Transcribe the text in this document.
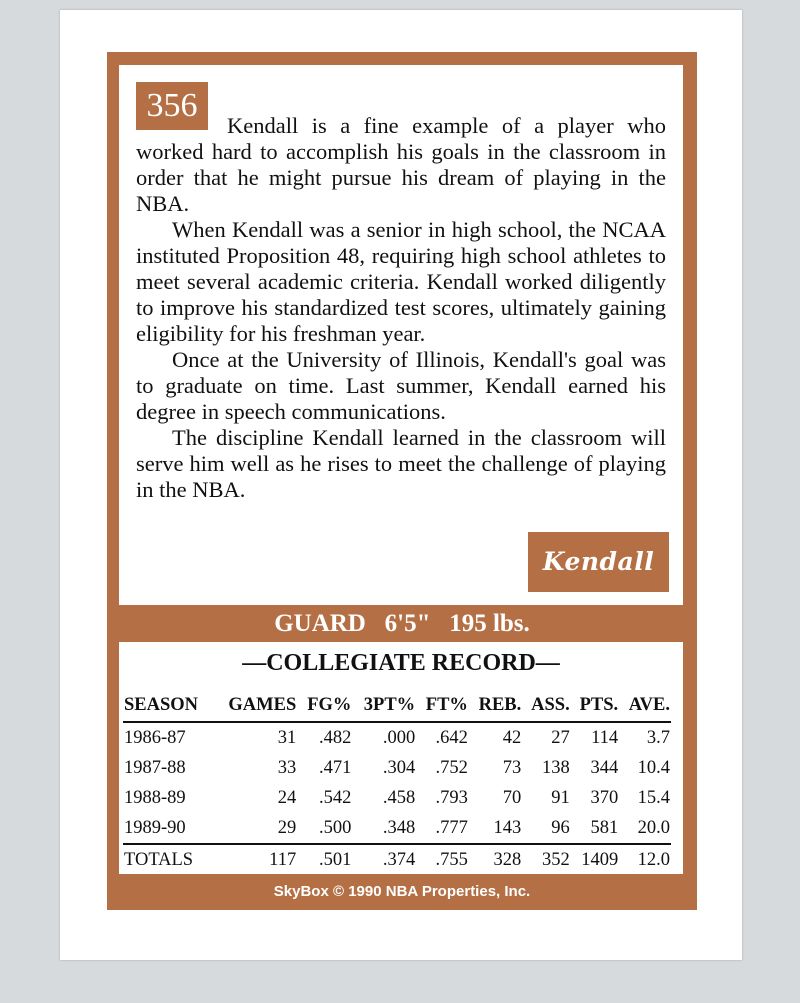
356

Kendall is a fine example of a player who worked hard to accomplish his goals in the classroom in order that he might pursue his dream of playing in the NBA.

When Kendall was a senior in high school, the NCAA instituted Proposition 48, requiring high school athletes to meet several academic criteria. Kendall worked diligently to improve his standardized test scores, ultimately gaining eligibility for his freshman year.

Once at the University of Illinois, Kendall's goal was to graduate on time. Last summer, Kendall earned his degree in speech communications.

The discipline Kendall learned in the classroom will serve him well as he rises to meet the challenge of playing in the NBA.

Kendall
GUARD 6'5" 195 lbs.
—COLLEGIATE RECORD—
SEASON	GAMES	FG%	3PT%	FT%	REB.	ASS.	PTS.	AVE.
1986-87	31	.482	.000	.642	42	27	114	3.7
1987-88	33	.471	.304	.752	73	138	344	10.4
1988-89	24	.542	.458	.793	70	91	370	15.4
1989-90	29	.500	.348	.777	143	96	581	20.0
TOTALS	117	.501	.374	.755	328	352	1409	12.0
SkyBox © 1990 NBA Properties, Inc.
